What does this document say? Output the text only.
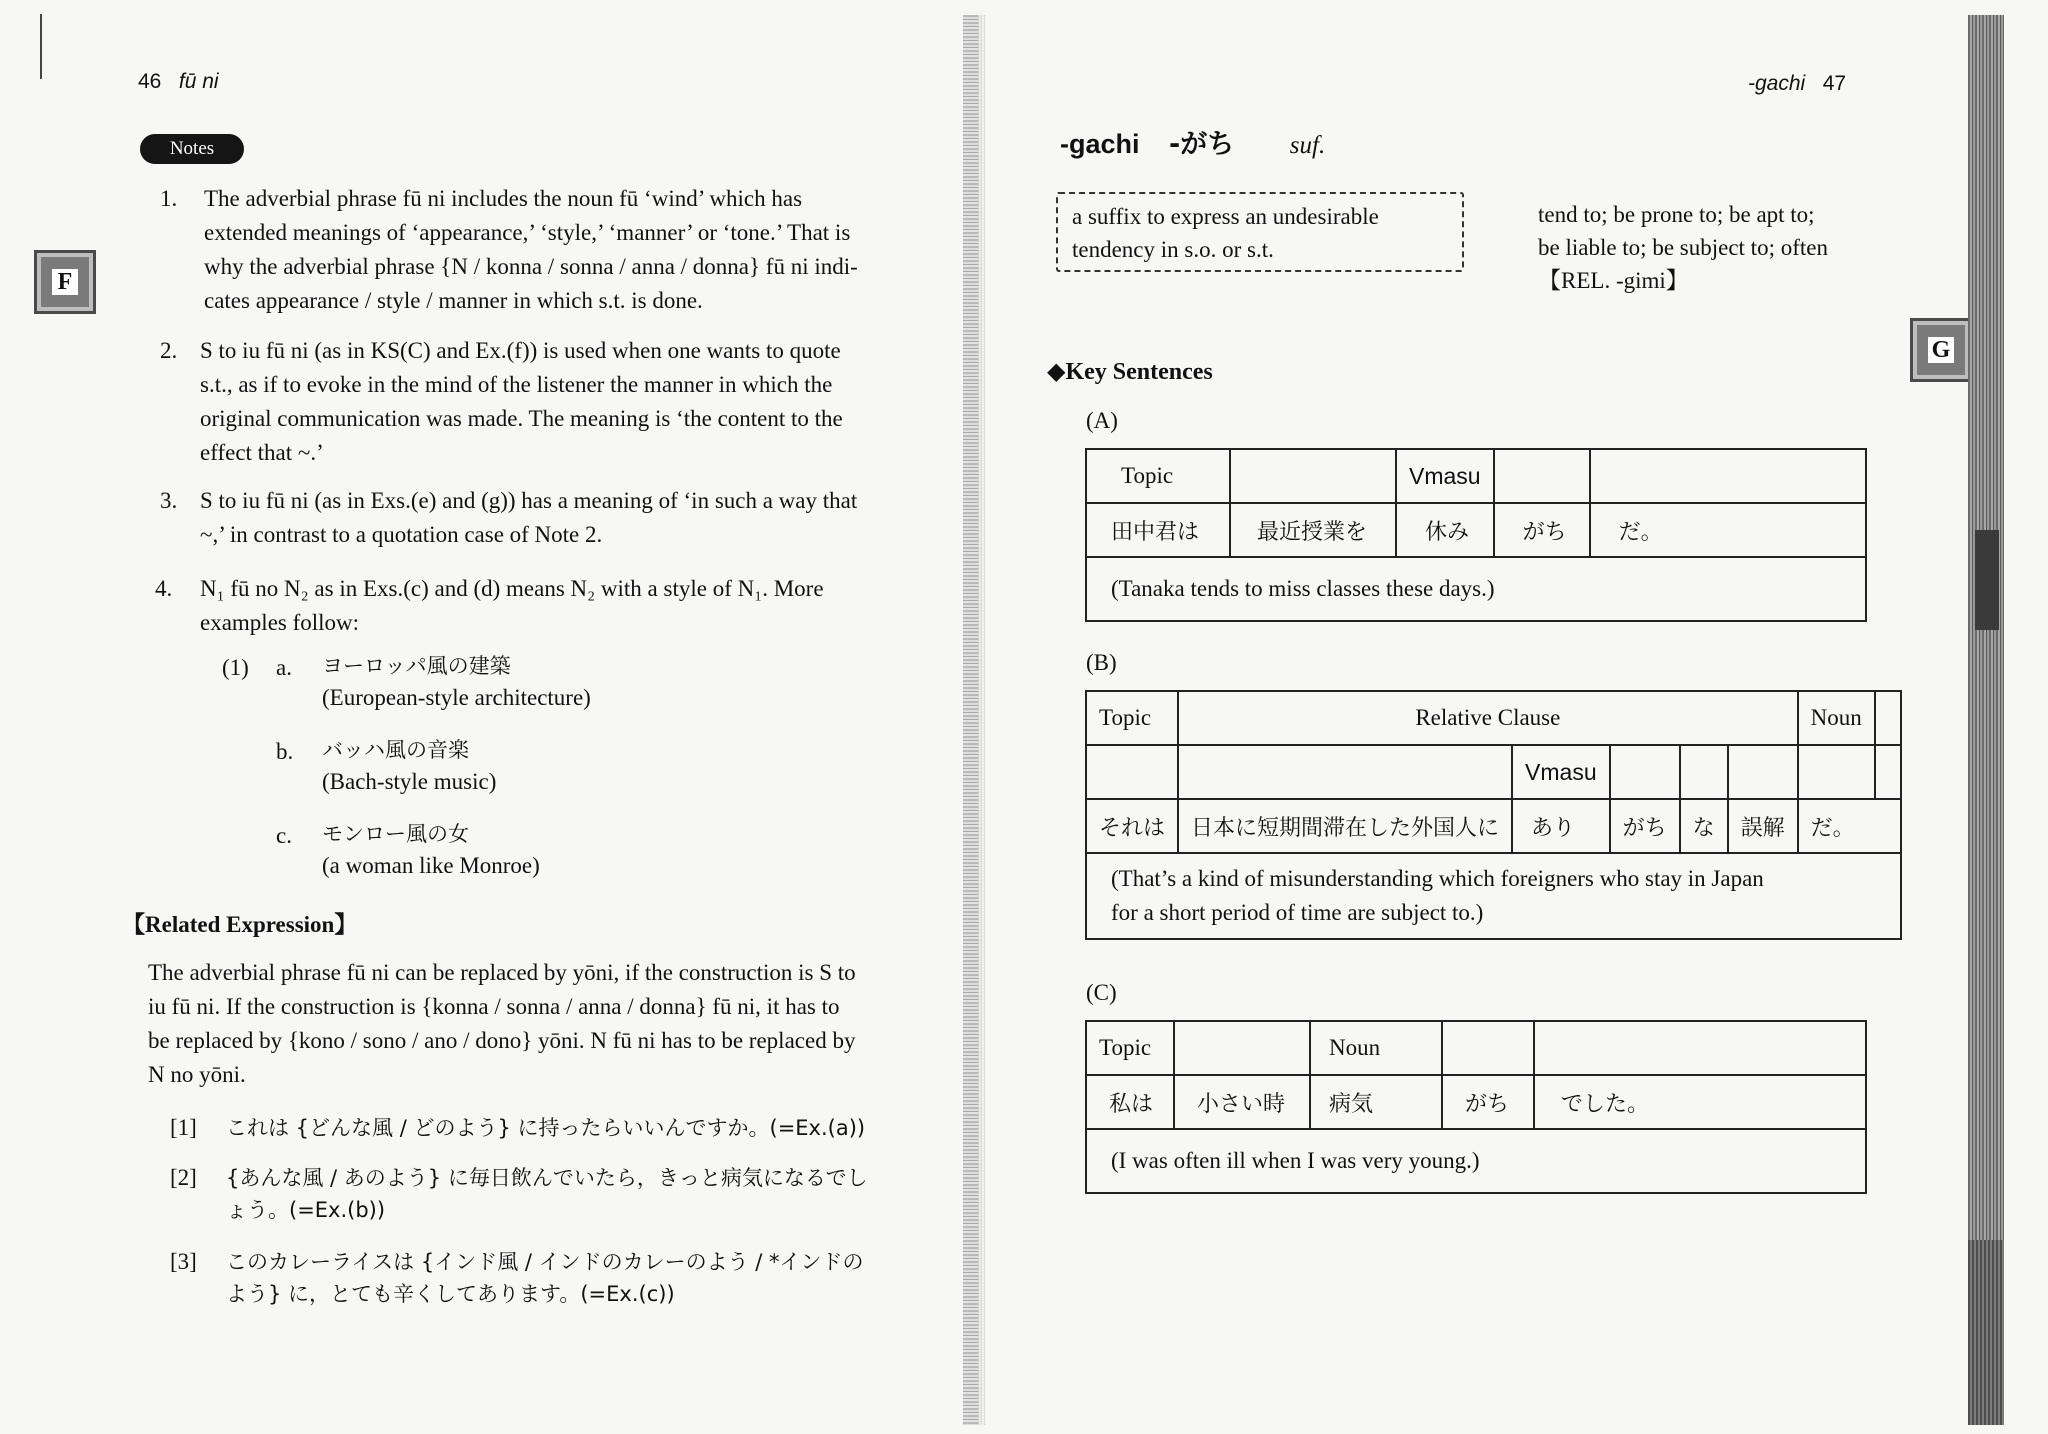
46 fū ni
F
Notes
1. The adverbial phrase fū ni includes the noun fū ‘wind’ which has
extended meanings of ‘appearance,’ ‘style,’ ‘manner’ or ‘tone.’ That is
why the adverbial phrase {N / konna / sonna / anna / donna} fū ni indi-
cates appearance / style / manner in which s.t. is done.
2. S to iu fū ni (as in KS(C) and Ex.(f)) is used when one wants to quote
s.t., as if to evoke in the mind of the listener the manner in which the
original communication was made. The meaning is ‘the content to the
effect that ~.’
3. S to iu fū ni (as in Exs.(e) and (g)) has a meaning of ‘in such a way that
~,’ in contrast to a quotation case of Note 2.
4. N₁ fū no N₂ as in Exs.(c) and (d) means N₂ with a style of N₁. More
examples follow:
(1) a. ヨーロッパ風の建築
(European-style architecture)
b. バッハ風の音楽
(Bach-style music)
c. モンロー風の女
(a woman like Monroe)
【Related Expression】
The adverbial phrase fū ni can be replaced by yōni, if the construction is S to
iu fū ni. If the construction is {konna / sonna / anna / donna} fū ni, it has to
be replaced by {kono / sono / ano / dono} yōni. N fū ni has to be replaced by
N no yōni.
[1] これは {どんな風 / どのよう} に持ったらいいんですか。(=Ex.(a))
[2] {あんな風 / あのよう} に毎日飲んでいたら，きっと病気になるでし
ょう。(=Ex.(b))
[3] このカレーライスは {インド風 / インドのカレーのよう / *インドの
よう} に，とても辛くしてあります。(=Ex.(c))
-gachi 47
G
-gachi -がち suf.
a suffix to express an undesirable
tendency in s.o. or s.t.
tend to; be prone to; be apt to;
be liable to; be subject to; often
【REL. -gimi】
◆Key Sentences
(A)
Topic		Vmasu		
田中君は	最近授業を	休み	がち	だ。
(Tanaka tends to miss classes these days.)				
(B)
Topic	Relative Clause					Noun	
		Vmasu					
それは	日本に短期間滞在した外国人に	あり	がち	な	誤解	だ。	

(That’s a kind of misunderstanding which foreigners who stay in Japan
for a short period of time are subject to.)							
(C)
Topic		Noun		
私は	小さい時	病気	がち	でした。
(I was often ill when I was very young.)				
